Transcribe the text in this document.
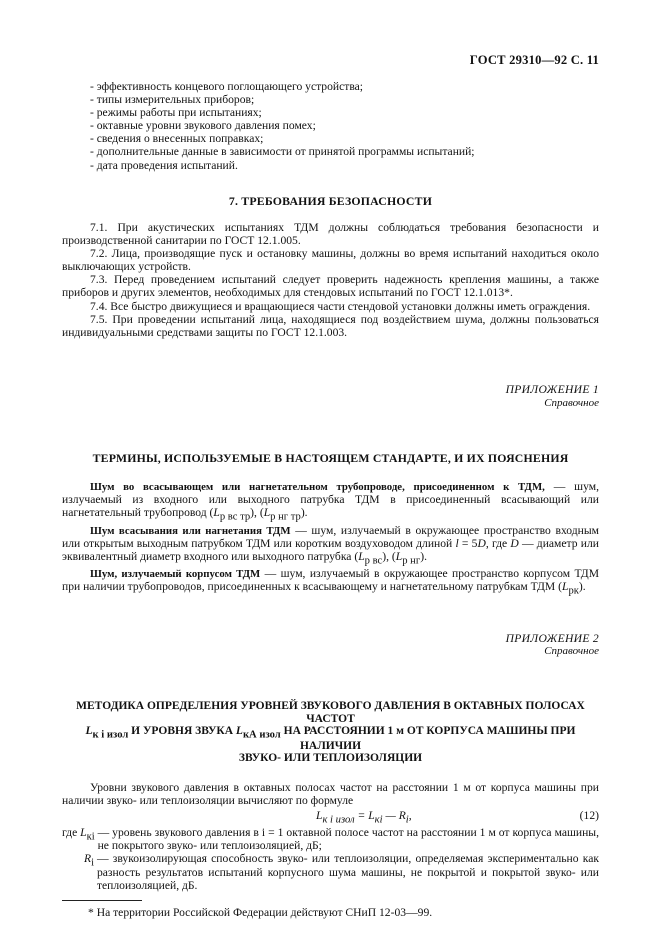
ГОСТ 29310—92 С. 11
- эффективность концевого поглощающего устройства;
- типы измерительных приборов;
- режимы работы при испытаниях;
- октавные уровни звукового давления помех;
- сведения о внесенных поправках;
- дополнительные данные в зависимости от принятой программы испытаний;
- дата проведения испытаний.
7. ТРЕБОВАНИЯ БЕЗОПАСНОСТИ

7.1. При акустических испытаниях ТДМ должны соблюдаться требования безопасности и производственной санитарии по ГОСТ 12.1.005.

7.2. Лица, производящие пуск и остановку машины, должны во время испытаний находиться около выключающих устройств.

7.3. Перед проведением испытаний следует проверить надежность крепления машины, а также приборов и других элементов, необходимых для стендовых испытаний по ГОСТ 12.1.013*.

7.4. Все быстро движущиеся и вращающиеся части стендовой установки должны иметь ограждения.

7.5. При проведении испытаний лица, находящиеся под воздействием шума, должны пользоваться индивидуальными средствами защиты по ГОСТ 12.1.003.

ПРИЛОЖЕНИЕ 1
Справочное
ТЕРМИНЫ, ИСПОЛЬЗУЕМЫЕ В НАСТОЯЩЕМ СТАНДАРТЕ, И ИХ ПОЯСНЕНИЯ

Шум во всасывающем или нагнетательном трубопроводе, присоединенном к ТДМ, — шум, излучаемый из входного или выходного патрубка ТДМ в присоединенный всасывающий или нагнетательный трубопровод $(L_{p вс тр})$, $(L_{p нг тр})$.

Шум всасывания или нагнетания ТДМ — шум, излучаемый в окружающее пространство входным или открытым выходным патрубком ТДМ или коротким воздуховодом длиной l = 5D, где D — диаметр или эквивалентный диаметр входного или выходного патрубка $(L_{p вс})$, $(L_{p нг})$.

Шум, излучаемый корпусом ТДМ — шум, излучаемый в окружающее пространство корпусом ТДМ при наличии трубопроводов, присоединенных к всасывающему и нагнетательному патрубкам ТДМ $(L_{pк})$.

ПРИЛОЖЕНИЕ 2
Справочное
МЕТОДИКА ОПРЕДЕЛЕНИЯ УРОВНЕЙ ЗВУКОВОГО ДАВЛЕНИЯ В ОКТАВНЫХ ПОЛОСАХ ЧАСТОТ
$L_{к i изол}$ И УРОВНЯ ЗВУКА $L_{кА изол}$ НА РАССТОЯНИИ 1 м ОТ КОРПУСА МАШИНЫ ПРИ НАЛИЧИИ
ЗВУКО- ИЛИ ТЕПЛОИЗОЛЯЦИИ

Уровни звукового давления в октавных полосах частот на расстоянии 1 м от корпуса машины при наличии звуко- или теплоизоляции вычисляют по формуле

$L_{к i изол} = L_{кi}$ — $R_i$,	(12)
где $L_{кi}$ — уровень звукового давления в i = 1 октавной полосе частот на расстоянии 1 м от корпуса машины, не покрытого звуко- или теплоизоляцией, дБ;
$R_i$ — звукоизолирующая способность звуко- или теплоизоляции, определяемая экспериментально как разность результатов испытаний корпусного шума машины, не покрытой и покрытой звуко- или теплоизоляцией, дБ.
* На территории Российской Федерации действуют СНиП 12-03—99.
